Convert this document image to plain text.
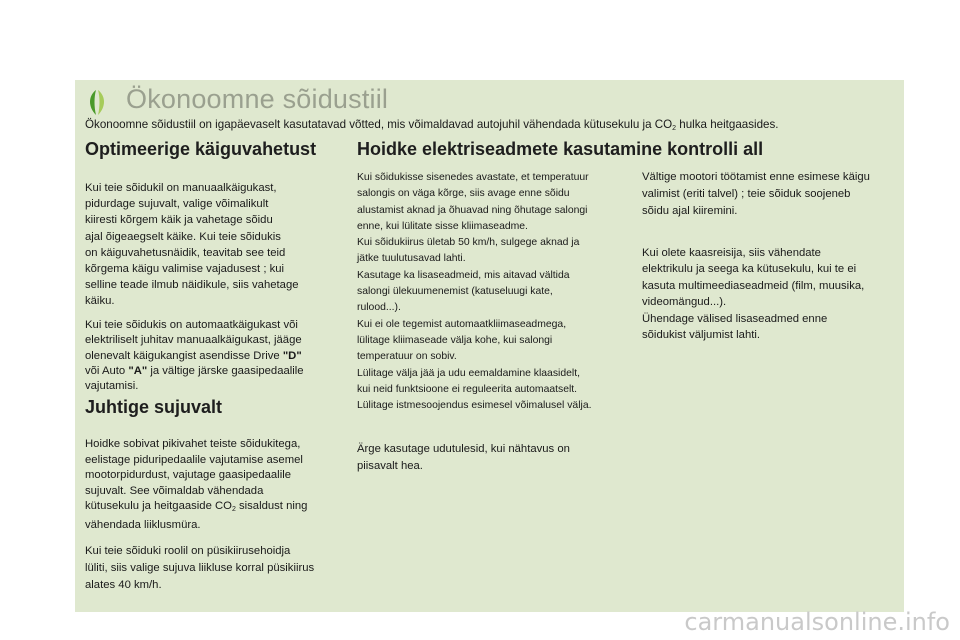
Ökonoomne sõidustiil
Ökonoomne sõidustiil on igapäevaselt kasutatavad võtted, mis võimaldavad autojuhil vähendada kütusekulu ja $CO_2$ hulka heitgaasides.
Optimeerige käiguvahetust
Kui teie sõidukil on manuaalkäigukast,
pidurdage sujuvalt, valige võimalikult
kiiresti kõrgem käik ja vahetage sõidu
ajal õigeaegselt käike. Kui teie sõidukis
on käiguvahetusnäidik, teavitab see teid
kõrgema käigu valimise vajadusest ; kui
selline teade ilmub näidikule, siis vahetage
käiku.
Kui teie sõidukis on automaatkäigukast või
elektriliselt juhitav manuaalkäigukast, jääge
olenevalt käigukangist asendisse Drive "D"
või Auto "A" ja vältige järske gaasipedaalile
vajutamisi.
Juhtige sujuvalt
Hoidke sobivat pikivahet teiste sõidukitega,
eelistage piduripedaalile vajutamise asemel
mootorpidurdust, vajutage gaasipedaalile
sujuvalt. See võimaldab vähendada
kütusekulu ja heitgaaside $CO_2$ sisaldust ning
vähendada liiklusmüra.
Kui teie sõiduki roolil on püsikiirusehoidja
lüliti, siis valige sujuva liikluse korral püsikiirus
alates 40 km/h.
Hoidke elektriseadmete kasutamine kontrolli all
Kui sõidukisse sisenedes avastate, et temperatuur
salongis on väga kõrge, siis avage enne sõidu
alustamist aknad ja õhuavad ning õhutage salongi
enne, kui lülitate sisse kliimaseadme.
Kui sõidukiirus ületab 50 km/h, sulgege aknad ja
jätke tuulutusavad lahti.
Kasutage ka lisaseadmeid, mis aitavad vältida
salongi ülekuumenemist (katuseluugi kate,
rulood...).
Kui ei ole tegemist automaatkliimaseadmega,
lülitage kliimaseade välja kohe, kui salongi
temperatuur on sobiv.
Lülitage välja jää ja udu eemaldamine klaasidelt,
kui neid funktsioone ei reguleerita automaatselt.
Lülitage istmesoojendus esimesel võimalusel välja.
Ärge kasutage udutulesid, kui nähtavus on
piisavalt hea.
Vältige mootori töötamist enne esimese käigu
valimist (eriti talvel) ; teie sõiduk soojeneb
sõidu ajal kiiremini.
Kui olete kaasreisija, siis vähendate
elektrikulu ja seega ka kütusekulu, kui te ei
kasuta multimeediaseadmeid (film, muusika,
videomängud...).
Ühendage välised lisaseadmed enne
sõidukist väljumist lahti.
carmanualsonline.info
